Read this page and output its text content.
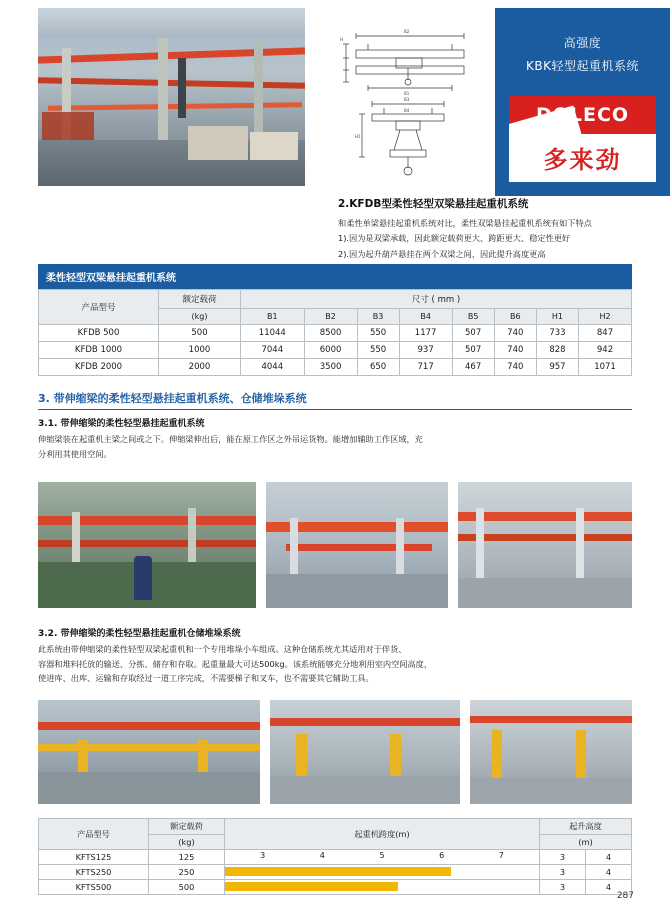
B2
B1
B3
H
B4
H1
高强度
KBK轻型起重机系统
DOLECO
多来劲
2.KFDB型柔性轻型双梁悬挂起重机系统

和柔性单梁悬挂起重机系统对比，柔性双梁悬挂起重机系统有如下特点

1).因为是双梁承载，因此额定载荷更大、跨距更大、稳定性更好

2).因为起升葫芦悬挂在两个双梁之间，因此提升高度更高

柔性轻型双梁悬挂起重机系统
产品型号	额定载荷	尺寸 ( mm )							
	(kg)	B1	B2	B3	B4	B5	B6	H1	H2
KFDB 500	500	11044	8500	550	1177	507	740	733	847
KFDB 1000	1000	7044	6000	550	937	507	740	828	942
KFDB 2000	2000	4044	3500	650	717	467	740	957	1071
3. 带伸缩梁的柔性轻型悬挂起重机系统、仓储堆垛系统
3.1. 带伸缩梁的柔性轻型悬挂起重机系统

伸缩梁装在起重机主梁之间或之下。伸缩梁伸出后，能在原工作区之外吊运货物。能增加辅助工作区域，充

分利用其使用空间。

3.2. 带伸缩梁的柔性轻型悬挂起重机仓储堆垛系统

此系统由带伸缩梁的柔性轻型双梁起重机和一个专用堆垛小车组成。这种仓储系统尤其适用对于伴货、

容器和堆料托放的输送、分拣、储存和存取。起重量最大可达500kg。该系统能够充分地利用室内空间高度，

使进库、出库、运输和存取经过一道工序完成，不需要梯子和叉车，也不需要其它辅助工具。

产品型号	额定载荷	起重机跨度(m)	起升高度	
	(kg)		(m)	
KFTS125	125	3 4 5 6 7	3	4
KFTS250	250		3	4
KFTS500	500		3	4
287
